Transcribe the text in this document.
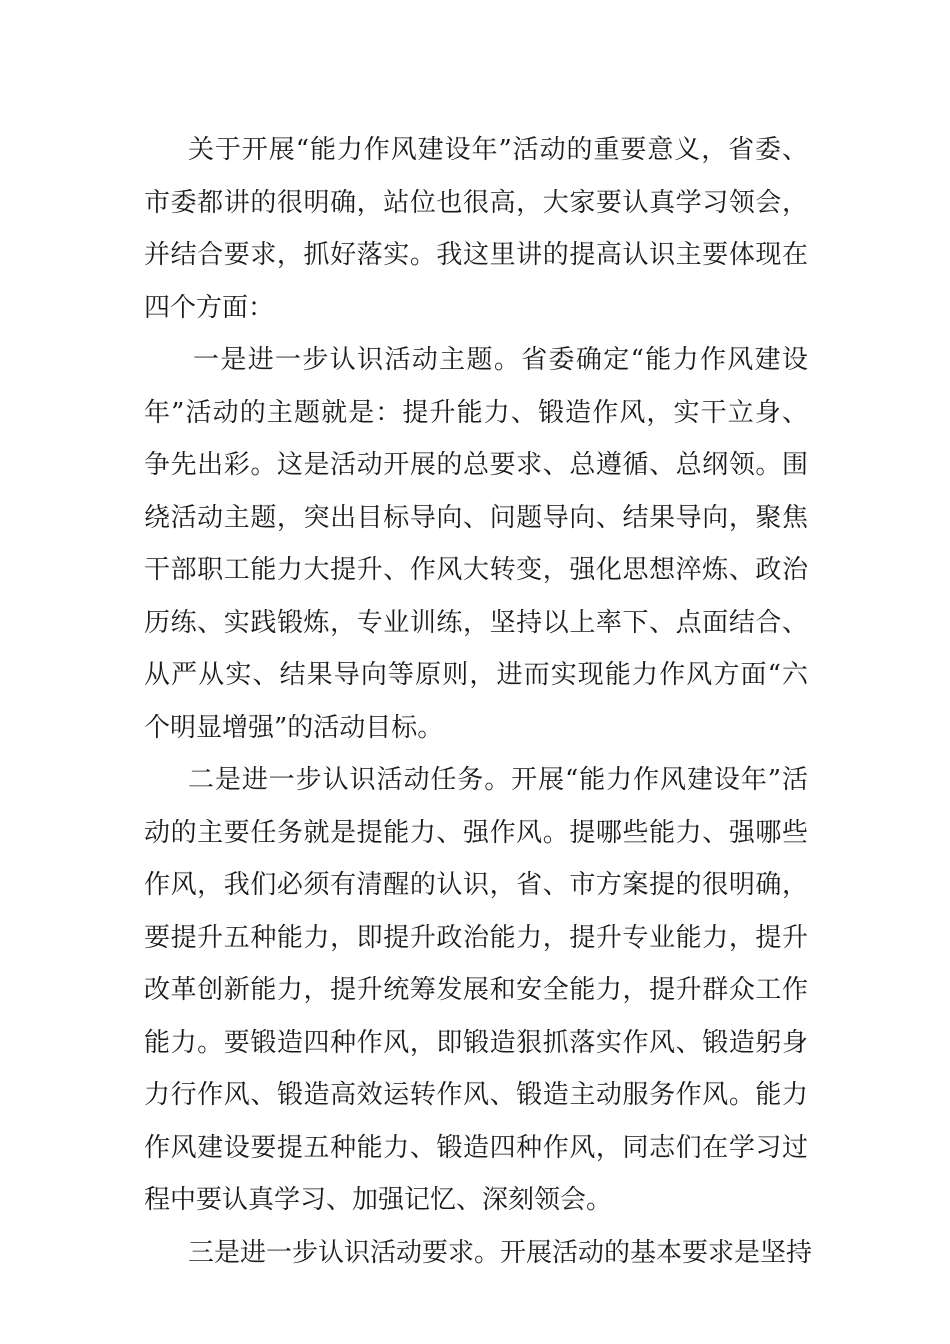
关于开展“能力作风建设年”活动的重要意义，省委、
市委都讲的很明确，站位也很高，大家要认真学习领会，
并结合要求，抓好落实。我这里讲的提高认识主要体现在
四个方面：
一是进一步认识活动主题。省委确定“能力作风建设
年”活动的主题就是：提升能力、锻造作风，实干立身、
争先出彩。这是活动开展的总要求、总遵循、总纲领。围
绕活动主题，突出目标导向、问题导向、结果导向，聚焦
干部职工能力大提升、作风大转变，强化思想淬炼、政治
历练、实践锻炼，专业训练，坚持以上率下、点面结合、
从严从实、结果导向等原则，进而实现能力作风方面“六
个明显增强”的活动目标。
二是进一步认识活动任务。开展“能力作风建设年”活
动的主要任务就是提能力、强作风。提哪些能力、强哪些
作风，我们必须有清醒的认识，省、市方案提的很明确，
要提升五种能力，即提升政治能力，提升专业能力，提升
改革创新能力，提升统筹发展和安全能力，提升群众工作
能力。要锻造四种作风，即锻造狠抓落实作风、锻造躬身
力行作风、锻造高效运转作风、锻造主动服务作风。能力
作风建设要提五种能力、锻造四种作风，同志们在学习过
程中要认真学习、加强记忆、深刻领会。
三是进一步认识活动要求。开展活动的基本要求是坚持
